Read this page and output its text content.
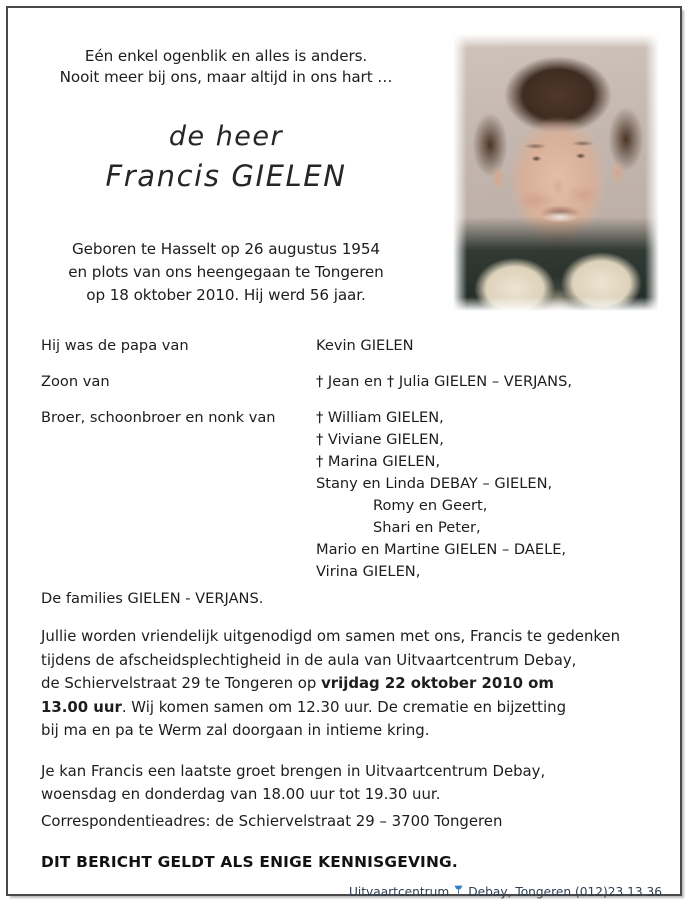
Eén enkel ogenblik en alles is anders.
Nooit meer bij ons, maar altijd in ons hart …
de heer
Francis GIELEN
Geboren te Hasselt op 26 augustus 1954
en plots van ons heengegaan te Tongeren
op 18 oktober 2010. Hij werd 56 jaar.
Hij was de papa van	Kevin GIELEN
Zoon van	† Jean en † Julia GIELEN – VERJANS,
Broer, schoonbroer en nonk van	† William GIELEN,
† Viviane GIELEN,
† Marina GIELEN,
Stany en Linda DEBAY – GIELEN,
Romy en Geert,
Shari en Peter,
Mario en Martine GIELEN – DAELE,
Virina GIELEN,
De families GIELEN - VERJANS.
Jullie worden vriendelijk uitgenodigd om samen met ons, Francis te gedenken
tijdens de afscheidsplechtigheid in de aula van Uitvaartcentrum Debay,
de Schiervelstraat 29 te Tongeren op vrijdag 22 oktober 2010 om
13.00 uur. Wij komen samen om 12.30 uur. De crematie en bijzetting
bij ma en pa te Werm zal doorgaan in intieme kring.
Je kan Francis een laatste groet brengen in Uitvaartcentrum Debay,
woensdag en donderdag van 18.00 uur tot 19.30 uur.
Correspondentieadres: de Schiervelstraat 29 – 3700 Tongeren
DIT BERICHT GELDT ALS ENIGE KENNISGEVING.
Uitvaartcentrum Debay, Tongeren (012)23 13 36
